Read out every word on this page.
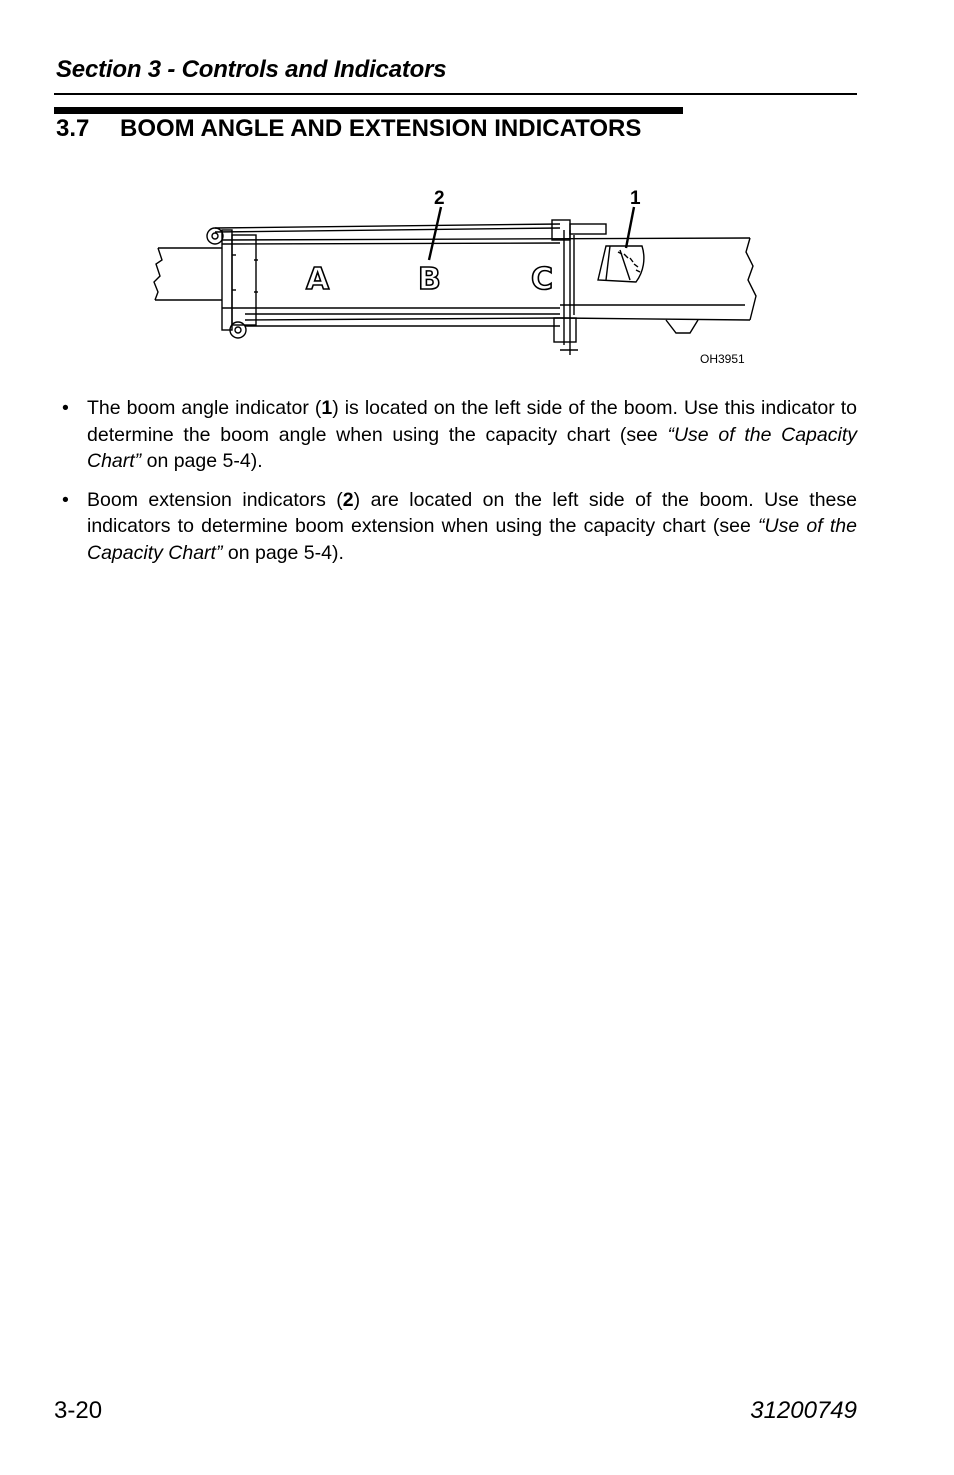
Section 3 - Controls and Indicators
3.7 BOOM ANGLE AND EXTENSION INDICATORS
A	B	C
2	1
OH3951
• The boom angle indicator (1) is located on the left side of the boom. Use this indicator to determine the boom angle when using the capacity chart (see “Use of the Capacity Chart” on page 5-4).
• Boom extension indicators (2) are located on the left side of the boom. Use these indicators to determine boom extension when using the capacity chart (see “Use of the Capacity Chart” on page 5-4).
3-20	31200749
